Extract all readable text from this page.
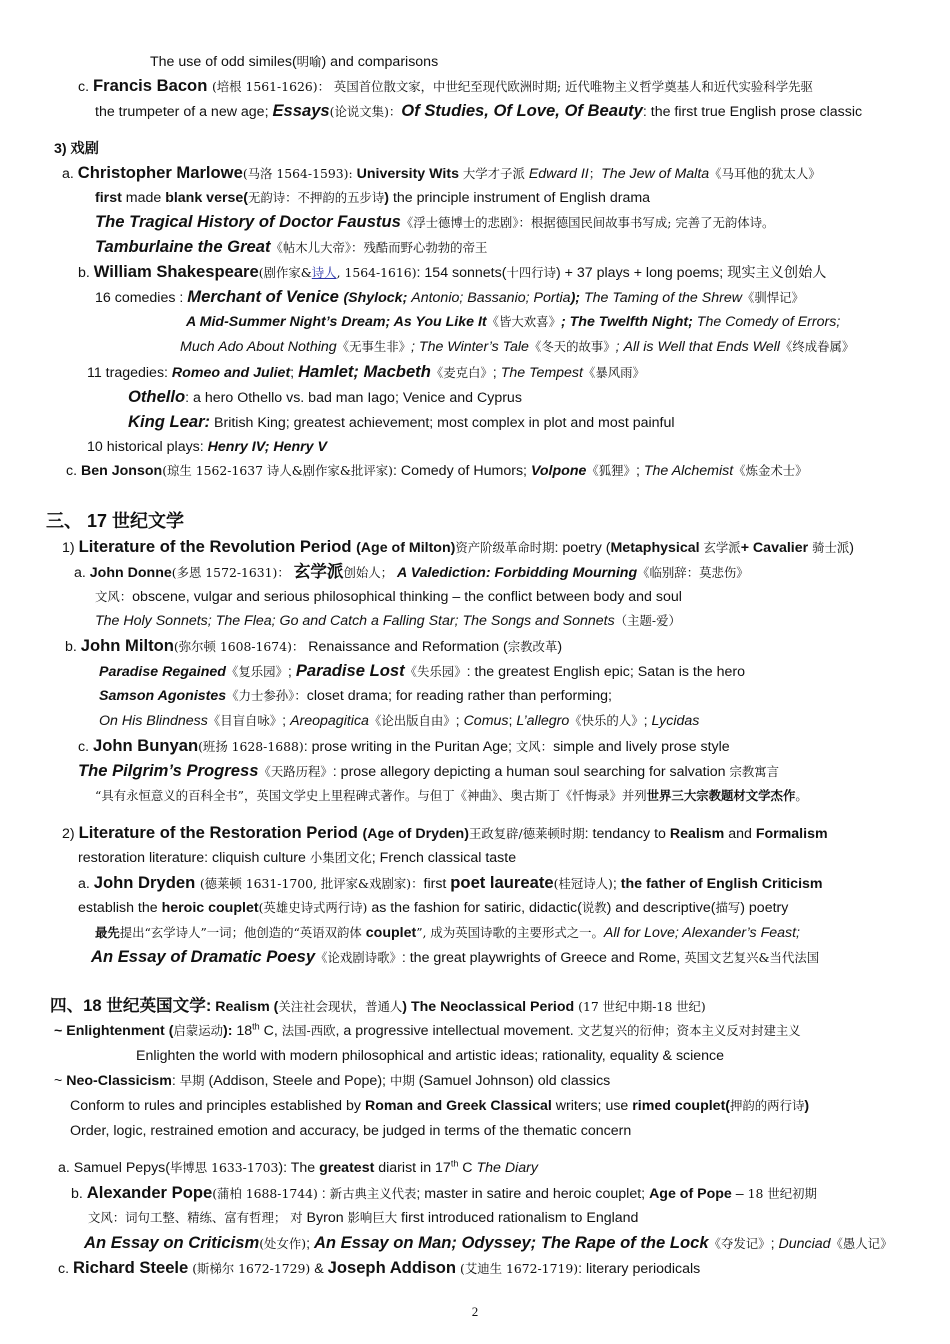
The use of odd similes(明喻) and comparisons
c. Francis Bacon (培根 1561-1626)： 英国首位散文家，中世纪至现代欧洲时期; 近代唯物主义哲学奠基人和近代实验科学先驱
the trumpeter of a new age; Essays(论说文集)：Of Studies, Of Love, Of Beauty: the first true English prose classic
3) 戏剧
a. Christopher Marlowe(马洛 1564-1593): University Wits 大学才子派 Edward II；The Jew of Malta《马耳他的犹太人》
first made blank verse(无韵诗：不押韵的五步诗) the principle instrument of English drama
The Tragical History of Doctor Faustus《浮士德博士的悲剧》：根据德国民间故事书写成; 完善了无韵体诗。
Tamburlaine the Great《帖木儿大帝》：残酷而野心勃勃的帝王
b. William Shakespeare(剧作家&诗人, 1564-1616): 154 sonnets(十四行诗) + 37 plays + long poems; 现实主义创始人
16 comedies : Merchant of Venice (Shylock; Antonio; Bassanio; Portia); The Taming of the Shrew《驯悍记》
A Mid-Summer Night’s Dream; As You Like It《皆大欢喜》; The Twelfth Night; The Comedy of Errors;
Much Ado About Nothing《无事生非》; The Winter’s Tale《冬天的故事》; All is Well that Ends Well《终成眷属》
11 tragedies: Romeo and Juliet; Hamlet; Macbeth《麦克白》; The Tempest《暴风雨》
Othello: a hero Othello vs. bad man Iago; Venice and Cyprus
King Lear: British King; greatest achievement; most complex in plot and most painful
10 historical plays: Henry IV; Henry V
c. Ben Jonson(琼生 1562-1637 诗人&剧作家&批评家): Comedy of Humors; Volpone《狐狸》; The Alchemist《炼金术士》
三、 17 世纪文学
1) Literature of the Revolution Period (Age of Milton)资产阶级革命时期: poetry (Metaphysical 玄学派+ Cavalier 骑士派)
a. John Donne(多恩 1572-1631)： 玄学派创始人； A Valediction: Forbidding Mourning《临别辞：莫悲伤》
文风：obscene, vulgar and serious philosophical thinking – the conflict between body and soul
The Holy Sonnets; The Flea; Go and Catch a Falling Star; The Songs and Sonnets（主题-爱）
b. John Milton(弥尔顿 1608-1674)： Renaissance and Reformation (宗教改革)
Paradise Regained《复乐园》; Paradise Lost《失乐园》: the greatest English epic; Satan is the hero
Samson Agonistes《力士参孙》：closet drama; for reading rather than performing;
On His Blindness《目盲自咏》; Areopagitica《论出版自由》; Comus; L’allegro《快乐的人》; Lycidas
c. John Bunyan(班扬 1628-1688): prose writing in the Puritan Age; 文风：simple and lively prose style
The Pilgrim’s Progress《天路历程》: prose allegory depicting a human soul searching for salvation 宗教寓言
“具有永恒意义的百科全书”，英国文学史上里程碑式著作。与但丁《神曲》、奥古斯丁《忏悔录》并列世界三大宗教题材文学杰作。
2) Literature of the Restoration Period (Age of Dryden)王政复辟/德莱顿时期: tendancy to Realism and Formalism
restoration literature: cliquish culture 小集团文化; French classical taste
a. John Dryden (德莱顿 1631-1700, 批评家&戏剧家)：first poet laureate(桂冠诗人); the father of English Criticism
establish the heroic couplet(英雄史诗式两行诗) as the fashion for satiric, didactic(说教) and descriptive(描写) poetry
最先提出“玄学诗人”一词；他创造的“英语双韵体 couplet”, 成为英国诗歌的主要形式之一。All for Love; Alexander’s Feast;
An Essay of Dramatic Poesy《论戏剧诗歌》: the great playwrights of Greece and Rome, 英国文艺复兴&当代法国
四、18 世纪英国文学: Realism (关注社会现状，普通人) The Neoclassical Period (17 世纪中期-18 世纪)
~ Enlightenment (启蒙运动): 18th C, 法国-西欧, a progressive intellectual movement. 文艺复兴的衍伸；资本主义反对封建主义
Enlighten the world with modern philosophical and artistic ideas; rationality, equality & science
~ Neo-Classicism: 早期 (Addison, Steele and Pope); 中期 (Samuel Johnson) old classics
Conform to rules and principles established by Roman and Greek Classical writers; use rimed couplet(押韵的两行诗)
Order, logic, restrained emotion and accuracy, be judged in terms of the thematic concern
a. Samuel Pepys(毕博思 1633-1703): The greatest diarist in 17th C The Diary
b. Alexander Pope(蒲柏 1688-1744) : 新古典主义代表; master in satire and heroic couplet; Age of Pope – 18 世纪初期
文风：词句工整、精练、富有哲理； 对 Byron 影响巨大 first introduced rationalism to England
An Essay on Criticism(处女作); An Essay on Man; Odyssey; The Rape of the Lock《夺发记》; Dunciad《愚人记》
c. Richard Steele (斯梯尔 1672-1729) & Joseph Addison (艾迪生 1672-1719): literary periodicals
2
